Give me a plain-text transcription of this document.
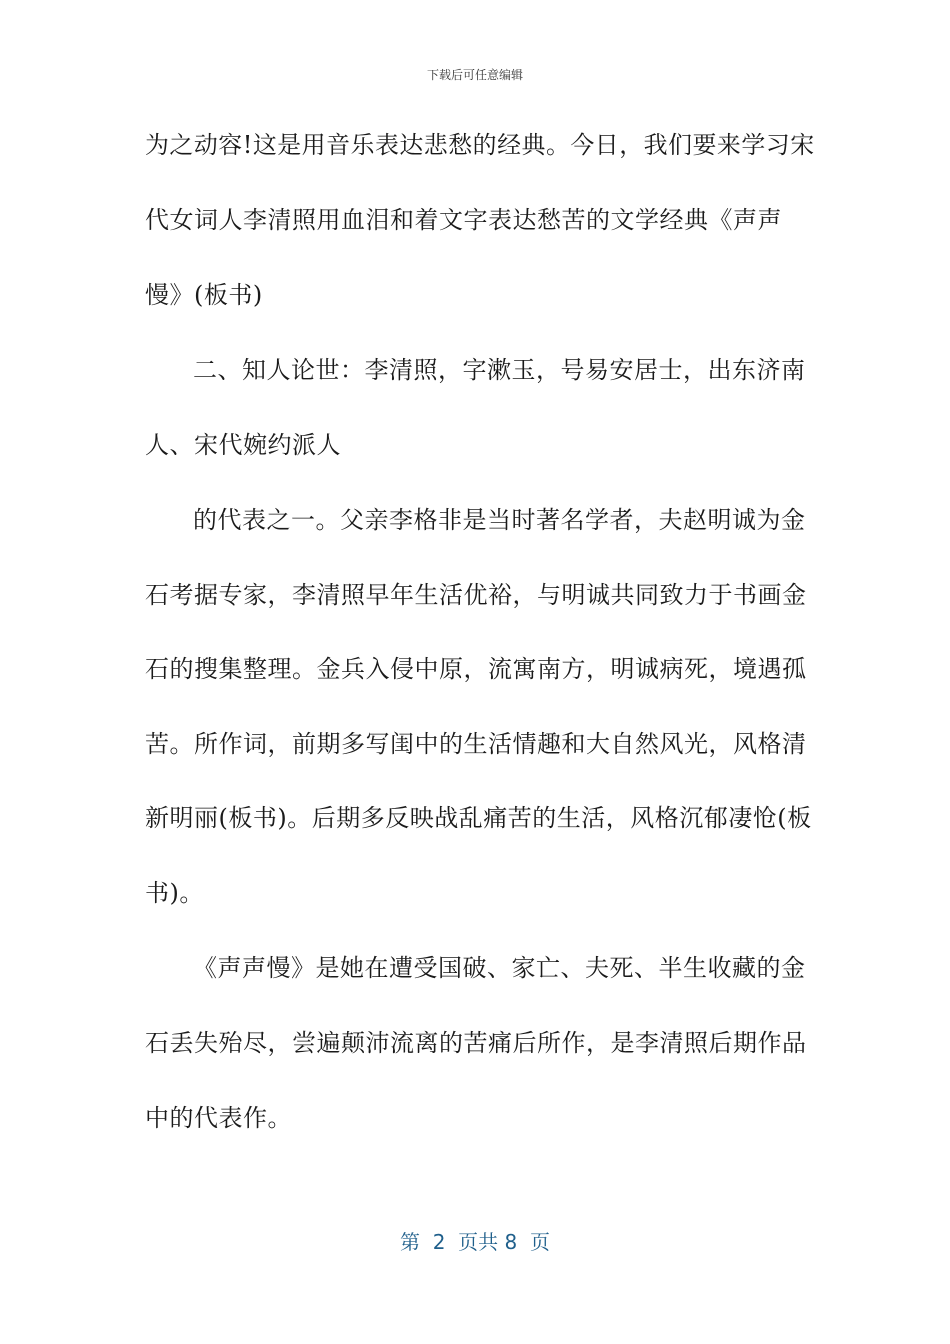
下载后可任意编辑
为之动容!这是用音乐表达悲愁的经典。今日，我们要来学习宋
代女词人李清照用血泪和着文字表达愁苦的文学经典《声声
慢》(板书)
二、知人论世：李清照，字漱玉，号易安居士，出东济南
人、宋代婉约派人
的代表之一。父亲李格非是当时著名学者，夫赵明诚为金
石考据专家，李清照早年生活优裕，与明诚共同致力于书画金
石的搜集整理。金兵入侵中原，流寓南方，明诚病死，境遇孤
苦。所作词，前期多写闺中的生活情趣和大自然风光，风格清
新明丽(板书)。后期多反映战乱痛苦的生活，风格沉郁凄怆(板
书)。
《声声慢》是她在遭受国破、家亡、夫死、半生收藏的金
石丢失殆尽，尝遍颠沛流离的苦痛后所作，是李清照后期作品
中的代表作。
第  2  页共 8  页
